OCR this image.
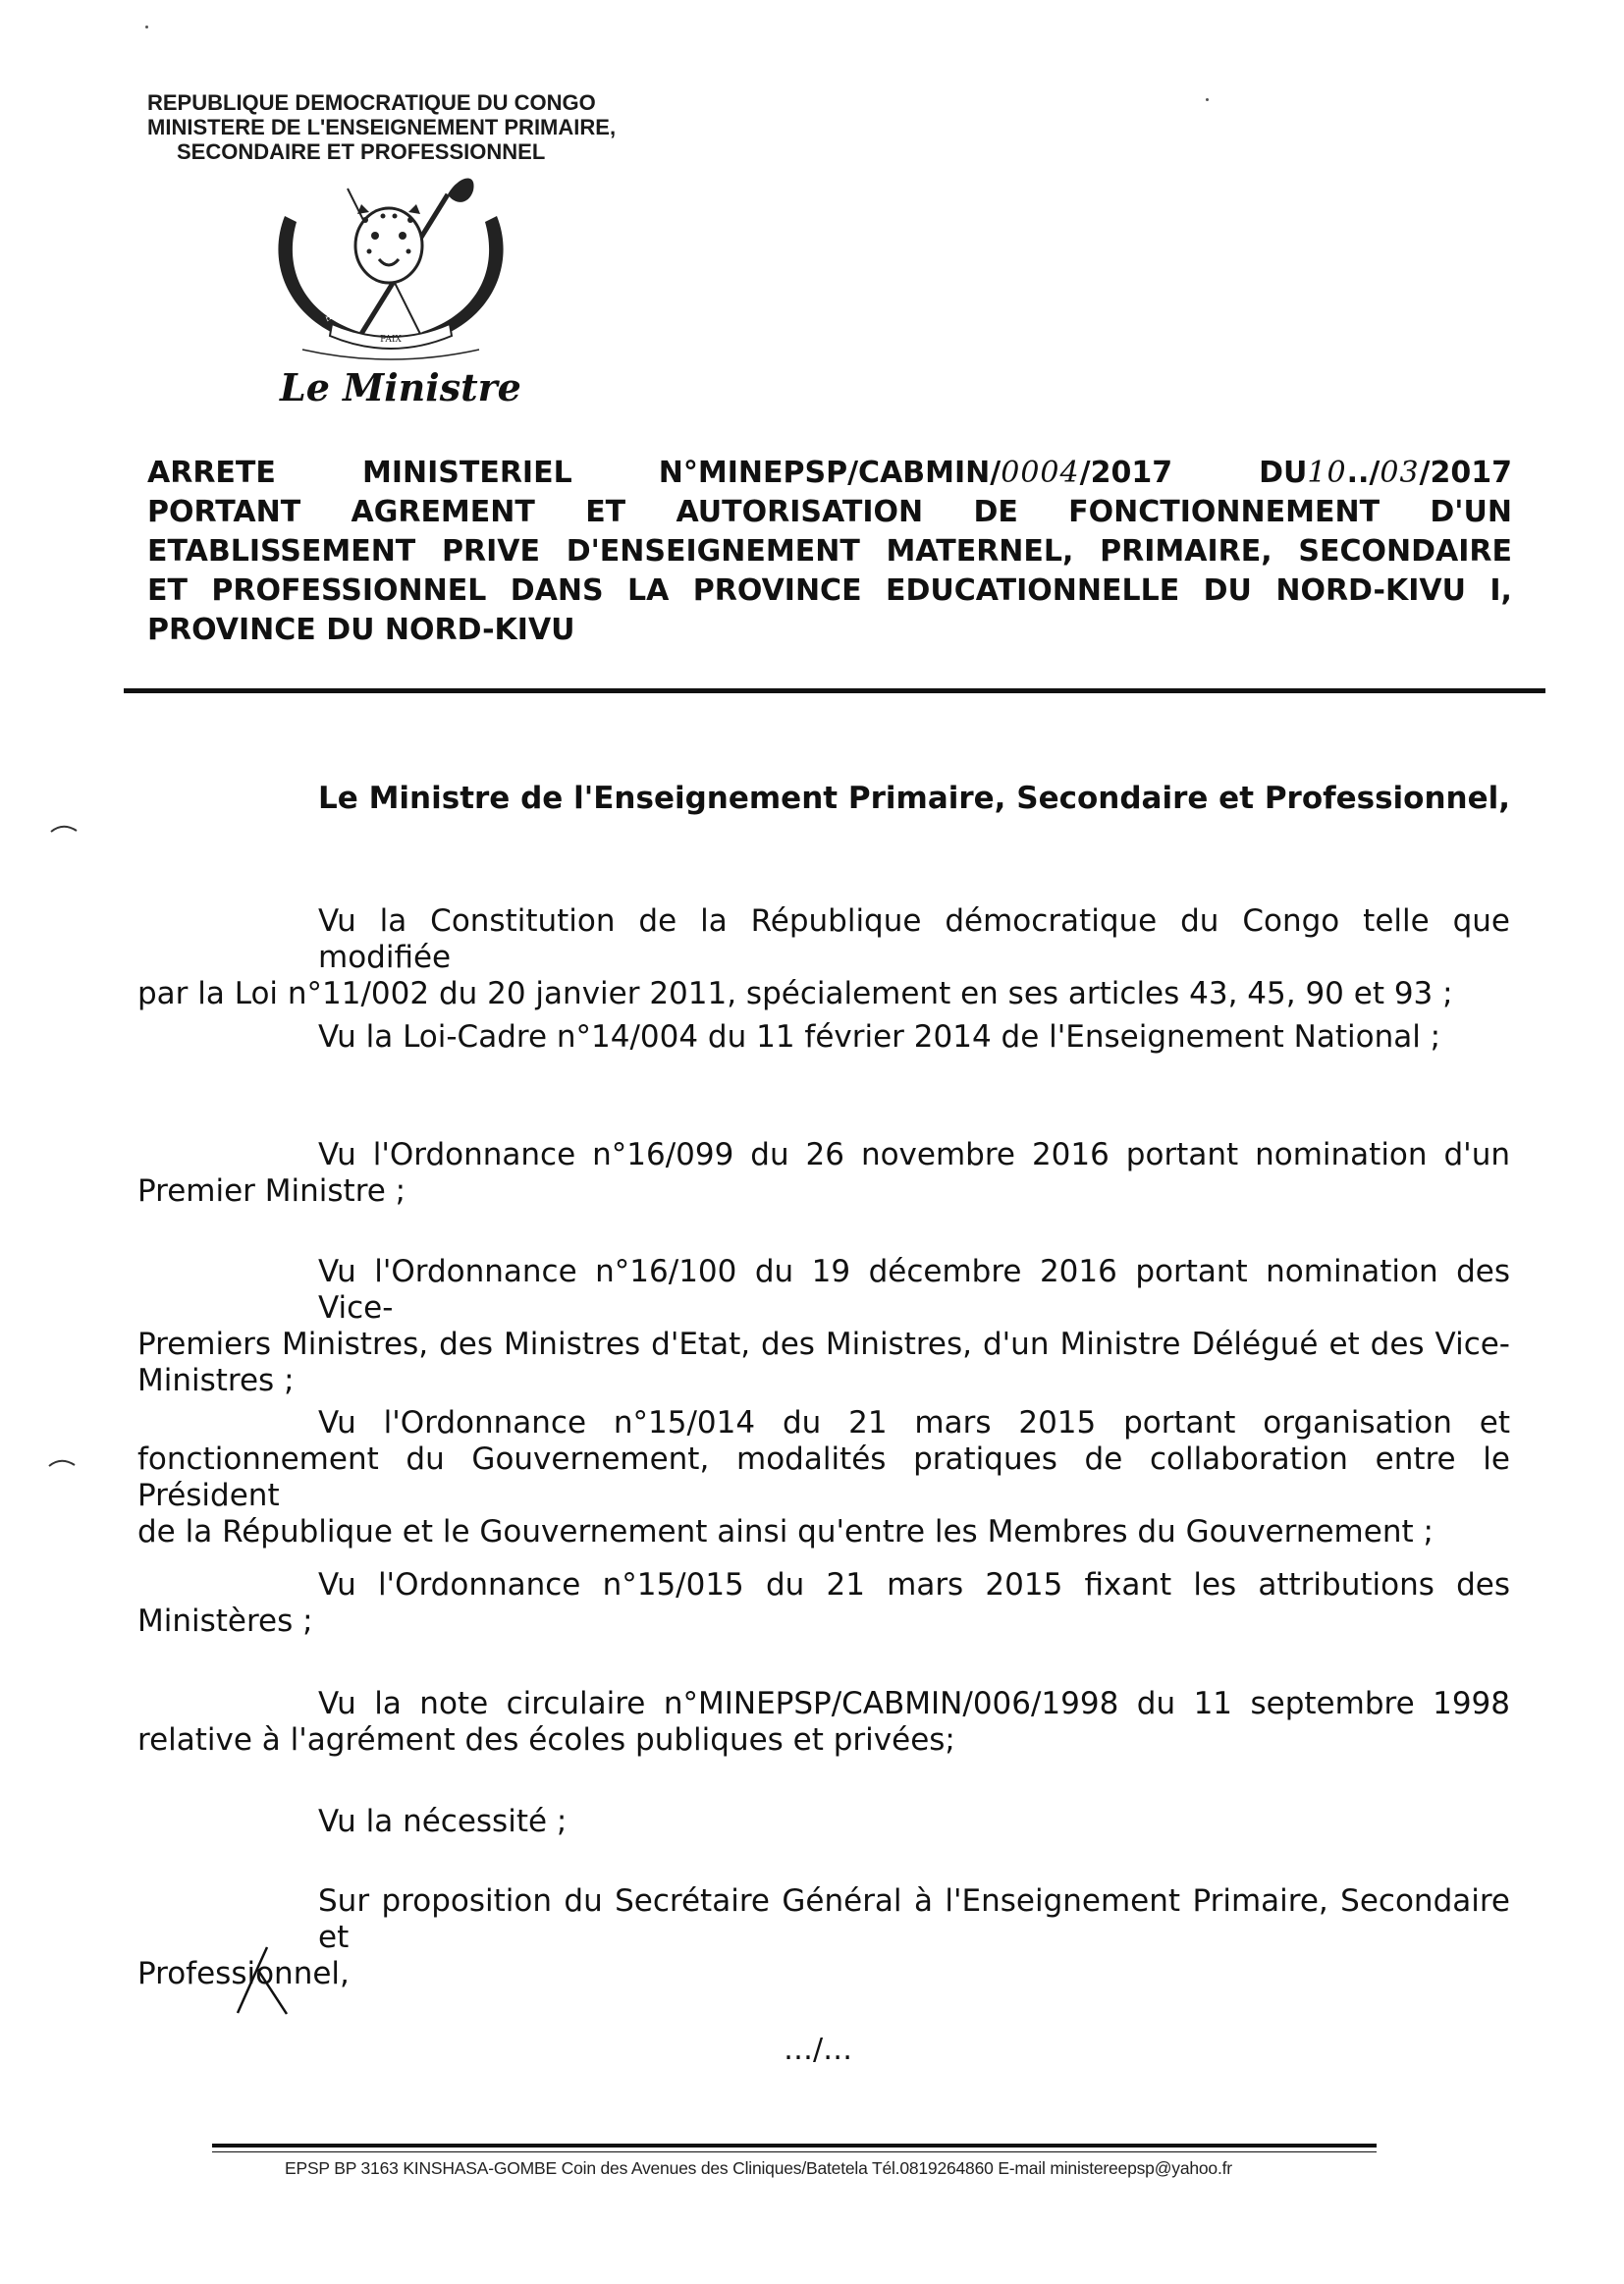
REPUBLIQUE DEMOCRATIQUE DU CONGO
MINISTERE DE L'ENSEIGNEMENT PRIMAIRE,
SECONDAIRE ET PROFESSIONNEL
PAIX
JUSTICE
TRAVAIL
Le Ministre
ARRETE	MINISTERIEL	N°MINEPSP/CABMIN/0004/2017	DU10../03/2017
PORTANT AGREMENT ET AUTORISATION DE FONCTIONNEMENT D'UN
ETABLISSEMENT PRIVE D'ENSEIGNEMENT MATERNEL, PRIMAIRE, SECONDAIRE
ET PROFESSIONNEL DANS LA PROVINCE EDUCATIONNELLE DU NORD-KIVU I,
PROVINCE DU NORD-KIVU
Le Ministre de l'Enseignement Primaire, Secondaire et Professionnel,
Vu la Constitution de la République démocratique du Congo telle que modifiée
par la Loi n°11/002 du 20 janvier 2011, spécialement en ses articles 43, 45, 90 et 93 ;
Vu la Loi-Cadre n°14/004 du 11 février 2014 de l'Enseignement National ;
Vu l'Ordonnance n°16/099 du 26 novembre 2016 portant nomination d'un
Premier Ministre ;
Vu l'Ordonnance n°16/100 du 19 décembre 2016 portant nomination des Vice-
Premiers Ministres, des Ministres d'Etat, des Ministres, d'un Ministre Délégué et des Vice-
Ministres ;
Vu l'Ordonnance n°15/014 du 21 mars 2015 portant organisation et
fonctionnement du Gouvernement, modalités pratiques de collaboration entre le Président
de la République et le Gouvernement ainsi qu'entre les Membres du Gouvernement ;
Vu l'Ordonnance n°15/015 du 21 mars 2015 fixant les attributions des
Ministères ;
Vu la note circulaire n°MINEPSP/CABMIN/006/1998 du 11 septembre 1998
relative à l'agrément des écoles publiques et privées;
Vu la nécessité ;
Sur proposition du Secrétaire Général à l'Enseignement Primaire, Secondaire et
Professionnel,
…/…
EPSP BP 3163 KINSHASA-GOMBE Coin des Avenues des Cliniques/Batetela Tél.0819264860 E-mail ministereepsp@yahoo.fr
